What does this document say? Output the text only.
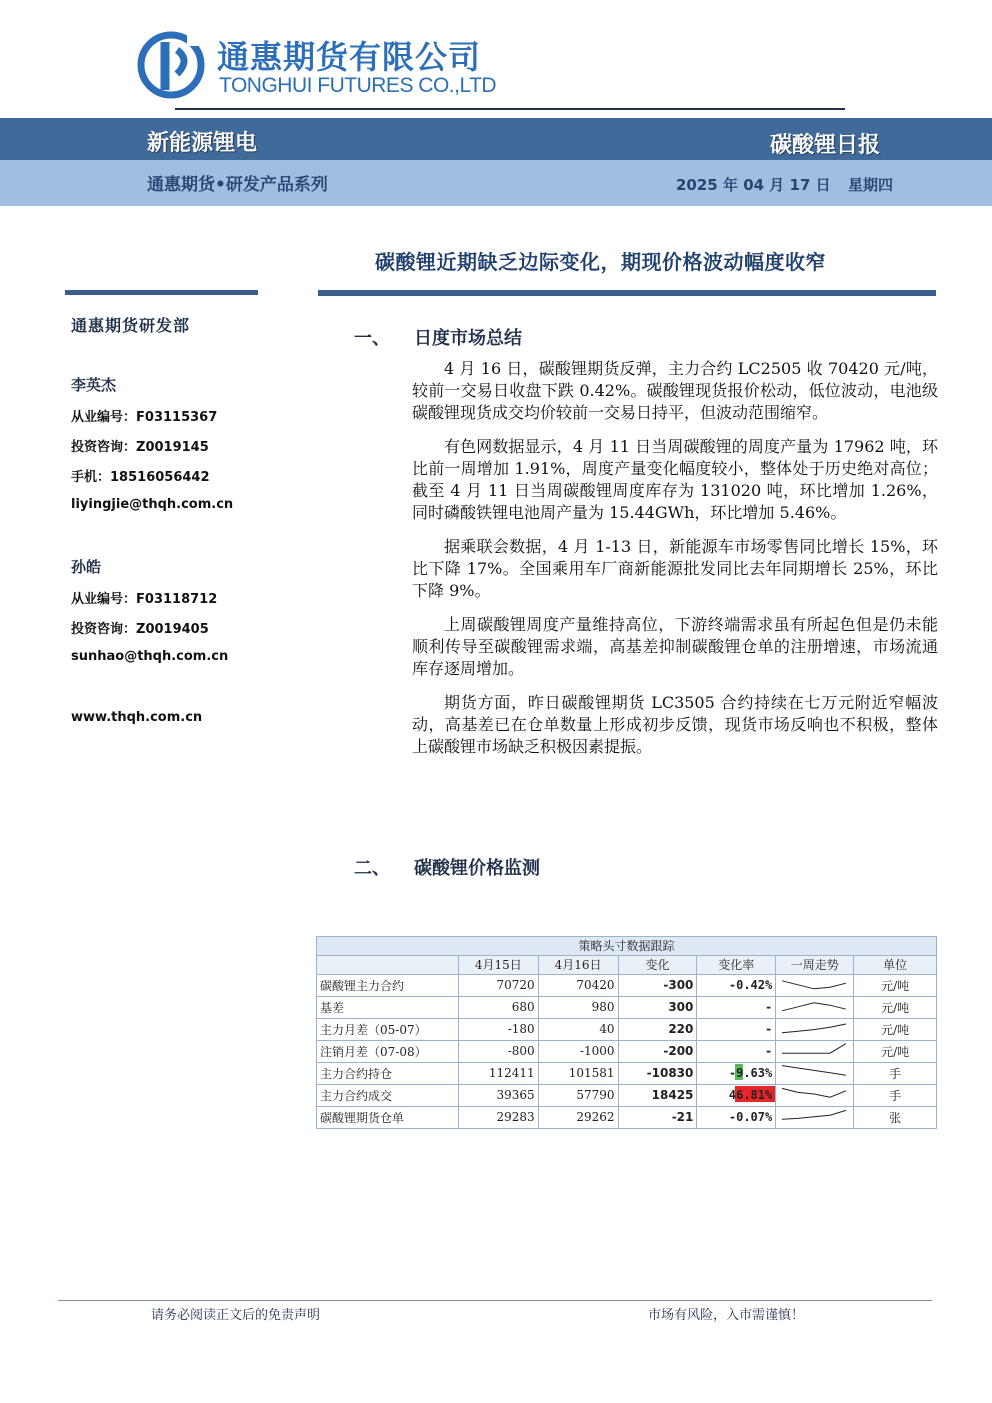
通惠期货有限公司
TONGHUI FUTURES CO.,LTD
新能源锂电	碳酸锂日报
通惠期货•研发产品系列	2025 年 04 月 17 日 星期四
碳酸锂近期缺乏边际变化，期现价格波动幅度收窄
通惠期货研发部
李英杰
从业编号：F03115367
投资咨询：Z0019145
手机：18516056442
liyingjie@thqh.com.cn
孙皓
从业编号：F03118712
投资咨询：Z0019405
sunhao@thqh.com.cn
www.thqh.com.cn
一、 日度市场总结

4 月 16 日，碳酸锂期货反弹，主力合约 LC2505 收 70420 元/吨，较前一交易日收盘下跌 0.42%。碳酸锂现货报价松动，低位波动，电池级碳酸锂现货成交均价较前一交易日持平，但波动范围缩窄。

有色网数据显示，4 月 11 日当周碳酸锂的周度产量为 17962 吨，环比前一周增加 1.91%，周度产量变化幅度较小，整体处于历史绝对高位；截至 4 月 11 日当周碳酸锂周度库存为 131020 吨，环比增加 1.26%，同时磷酸铁锂电池周产量为 15.44GWh，环比增加 5.46%。

据乘联会数据，4 月 1-13 日，新能源车市场零售同比增长 15%，环比下降 17%。全国乘用车厂商新能源批发同比去年同期增长 25%，环比下降 9%。

上周碳酸锂周度产量维持高位，下游终端需求虽有所起色但是仍未能顺利传导至碳酸锂需求端，高基差抑制碳酸锂仓单的注册增速，市场流通库存逐周增加。

期货方面，昨日碳酸锂期货 LC3505 合约持续在七万元附近窄幅波动，高基差已在仓单数量上形成初步反馈，现货市场反响也不积极，整体上碳酸锂市场缺乏积极因素提振。

二、 碳酸锂价格监测
策略头寸数据跟踪						
	4月15日	4月16日	变化	变化率	一周走势	单位
碳酸锂主力合约	70720	70420	-300	-0.42%		元/吨
基差	680	980	300	-		元/吨
主力月差（05-07）	-180	40	220	-		元/吨
注销月差（07-08）	-800	-1000	-200	-		元/吨
主力合约持仓	112411	101581	-10830	-9.63%		手
主力合约成交	39365	57790	18425	46.81%		手
碳酸锂期货仓单	29283	29262	-21	-0.07%		张
请务必阅读正文后的免责声明	市场有风险，入市需谨慎！
